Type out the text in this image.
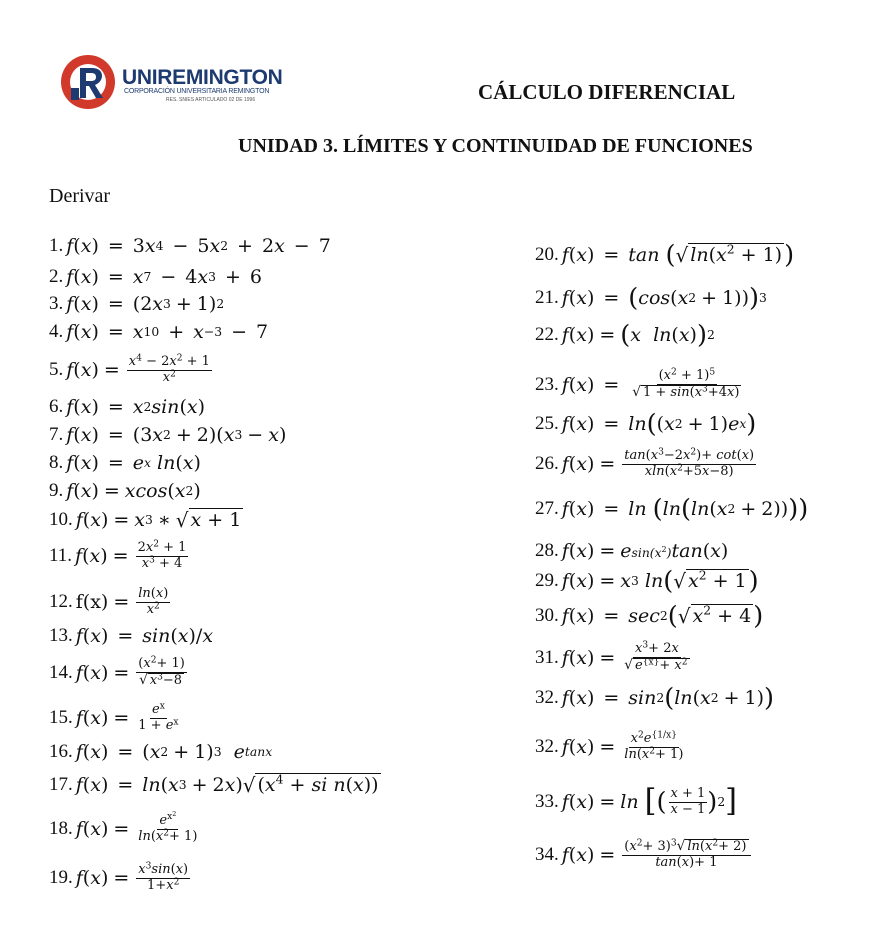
UNIREMINGTON
CORPORACIÓN UNIVERSITARIA REMINGTON
RES. SNIES ARTICULADO 02 DE 1996	CÁLCULO DIFERENCIAL
UNIDAD 3. LÍMITES Y CONTINUIDAD DE FUNCIONES
Derivar
1. f ( x ) = 3 x 4 − 5 x 2 + 2 x − 7
2. f ( x ) = x 7 − 4 x 3 + 6
3. f ( x ) = (2 x 3 + 1) 2
4. f ( x ) = x 10 + x −3 − 7
5. f ( x ) = $\frac{x^4 - 2x^2 + 1}{x^2}$
6. f ( x ) = x 2 sin ( x )
7. f ( x ) = (3 x 2 + 2)( x 3 − x )
8. f ( x ) = e x
ln ( x )
9. f ( x ) = xcos ( x 2 )
10. f ( x ) = x 3 ∗ √ x + 1
11. f ( x ) = $\frac{2x^2 + 1}{x^3 + 4}$
12. $f(x) = \frac{\ln(x)}{x^2}$
13. f ( x ) = sin ( x )/ x
14. f ( x ) = $\frac{(x^2+ 1)}{√ x^3-8}$
15. f ( x ) = $\frac{e^x}{1 + e^x}$
16. f ( x ) = ( x 2 + 1) 3
e tanx
17. f ( x ) = ln ( x 3 + 2 x ) √ ($x^4$ + si n(x))
18. f ( x ) = $\frac{e^{x^2}}{\ln(x^2+ 1)}$
19. f ( x ) = $\frac{x^3\sin(x)}{1+x^2}$
20. f ( x ) = tan
( √ $\ln(x^2 + 1)$ )
21. f ( x ) = ( cos ( x 2 + 1)) ) 3
22. f ( x ) = ( x  ln ( x ) ) 2
23. f ( x ) = $\frac{(x^2 + 1)^5}{√ 1 + \sin(x^3+4x)}$
25. f ( x ) = ln ( ( x 2 + 1) e x )
26. f ( x ) = $\frac{\tan(x^3-2x^2)+ \cot(x)}{xln(x^2+5x-8)}$
27. f ( x ) = ln
( ln ( ln ( x 2 + 2)) ) )
28. f ( x ) = e $\sin(x^2)$ tan ( x )
29. f ( x ) = x 3
ln ( √ $x^2 + 1$ )
30. f ( x ) = sec 2 ( √ $x^2 + 4$ )
31. f ( x ) = $\frac{x^3+ 2x}{√ e^{\{x\}}+ x^2}$
32. f ( x ) = sin 2 ( ln ( x 2 + 1) )
32. f ( x ) = $\frac{x^2e^{\{1/x\}}}{\ln(x^2+ 1)}$
33. f ( x ) = ln
[ ( $\frac{x + 1}{x - 1}$ ) 2 ]
34. f ( x ) = $\frac{(x^2+ 3)^3 √ \ln(x^2+ 2)}{\tan(x)+ 1}$
